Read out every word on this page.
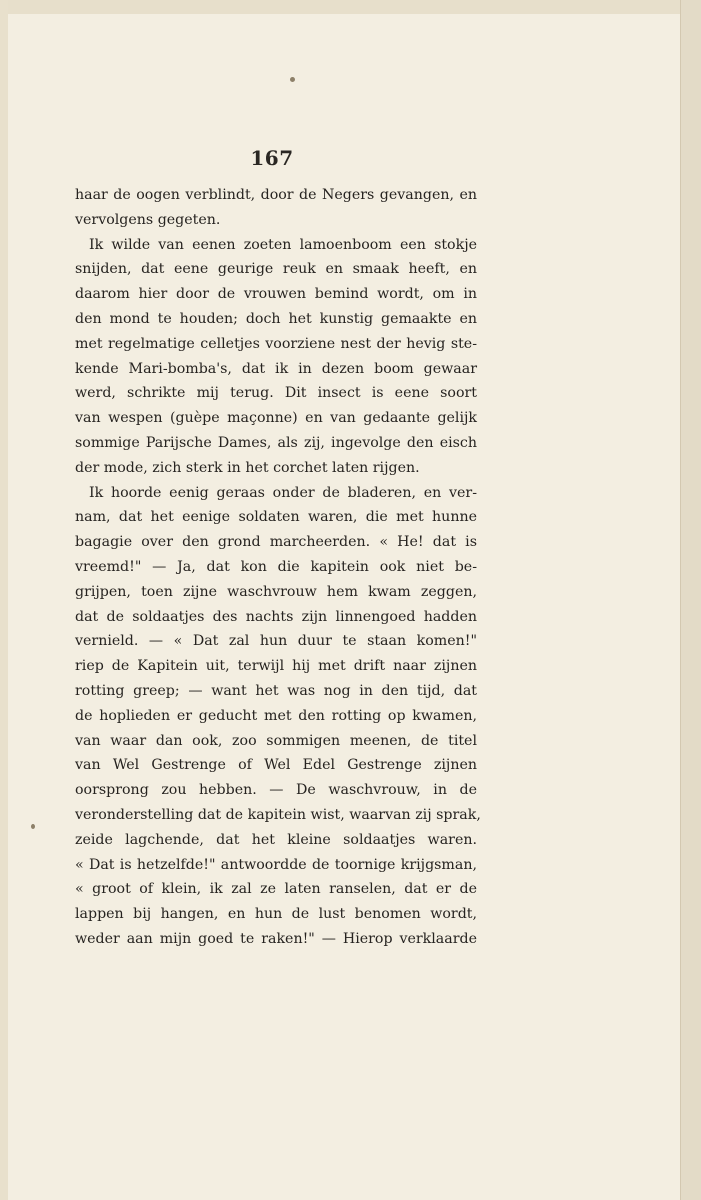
167
haar de oogen verblindt, door de Negers gevangen, en
vervolgens gegeten.
Ik wilde van eenen zoeten lamoenboom een stokje
snijden, dat eene geurige reuk en smaak heeft, en
daarom hier door de vrouwen bemind wordt, om in
den mond te houden; doch het kunstig gemaakte en
met regelmatige celletjes voorziene nest der hevig ste-
kende Mari-bomba's, dat ik in dezen boom gewaar
werd, schrikte mij terug. Dit insect is eene soort
van wespen (guèpe maçonne) en van gedaante gelijk
sommige Parijsche Dames, als zij, ingevolge den eisch
der mode, zich sterk in het corchet laten rijgen.
Ik hoorde eenig geraas onder de bladeren, en ver-
nam, dat het eenige soldaten waren, die met hunne
bagagie over den grond marcheerden. « He! dat is
vreemd!" — Ja, dat kon die kapitein ook niet be-
grijpen, toen zijne waschvrouw hem kwam zeggen,
dat de soldaatjes des nachts zijn linnengoed hadden
vernield. — « Dat zal hun duur te staan komen!"
riep de Kapitein uit, terwijl hij met drift naar zijnen
rotting greep; — want het was nog in den tijd, dat
de hoplieden er geducht met den rotting op kwamen,
van waar dan ook, zoo sommigen meenen, de titel
van Wel Gestrenge of Wel Edel Gestrenge zijnen
oorsprong zou hebben. — De waschvrouw, in de
veronderstelling dat de kapitein wist, waarvan zij sprak,
zeide lagchende, dat het kleine soldaatjes waren.
« Dat is hetzelfde!" antwoordde de toornige krijgsman,
« groot of klein, ik zal ze laten ranselen, dat er de
lappen bij hangen, en hun de lust benomen wordt,
weder aan mijn goed te raken!" — Hierop verklaarde
